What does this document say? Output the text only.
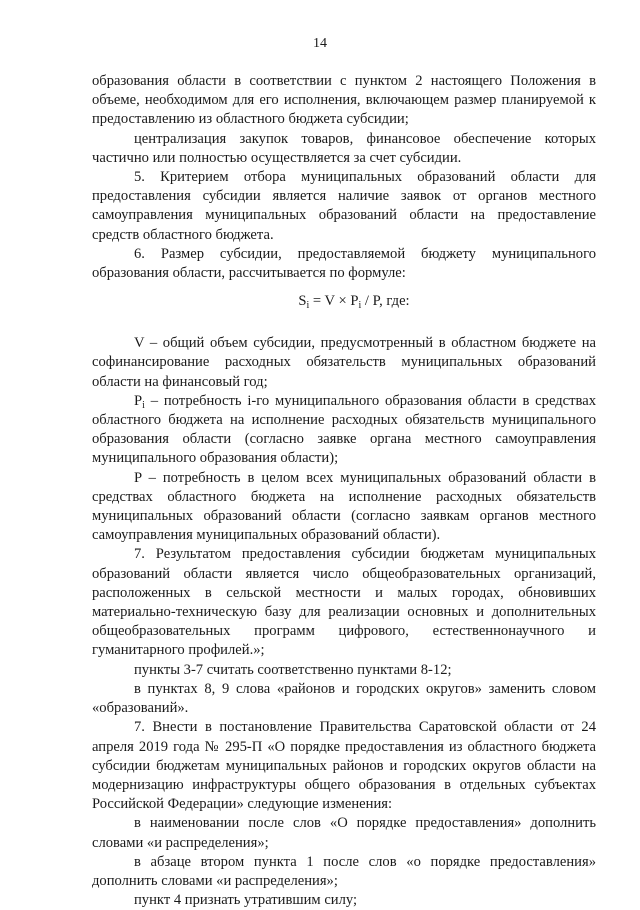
14

образования области в соответствии с пунктом 2 настоящего Положения в объеме, необходимом для его исполнения, включающем размер планируемой к предоставлению из областного бюджета субсидии;

централизация закупок товаров, финансовое обеспечение которых частично или полностью осуществляется за счет субсидии.

5. Критерием отбора муниципальных образований области для предоставления субсидии является наличие заявок от органов местного самоуправления муниципальных образований области на предоставление средств областного бюджета.

6. Размер субсидии, предоставляемой бюджету муниципального образования области, рассчитывается по формуле:

$S_i = V \times P_i / P$, где:

V – общий объем субсидии, предусмотренный в областном бюджете на софинансирование расходных обязательств муниципальных образований области на финансовый год;

$P_i$ – потребность i-го муниципального образования области в средствах областного бюджета на исполнение расходных обязательств муниципального образования области (согласно заявке органа местного самоуправления муниципального образования области);

P – потребность в целом всех муниципальных образований области в средствах областного бюджета на исполнение расходных обязательств муниципальных образований области (согласно заявкам органов местного самоуправления муниципальных образований области).

7. Результатом предоставления субсидии бюджетам муниципальных образований области является число общеобразовательных организаций, расположенных в сельской местности и малых городах, обновивших материально-техническую базу для реализации основных и дополнительных общеобразовательных программ цифрового, естественнонаучного и гуманитарного профилей.»;

пункты 3-7 считать соответственно пунктами 8-12;

в пунктах 8, 9 слова «районов и городских округов» заменить словом «образований».

7. Внести в постановление Правительства Саратовской области от 24 апреля 2019 года № 295-П «О порядке предоставления из областного бюджета субсидии бюджетам муниципальных районов и городских округов области на модернизацию инфраструктуры общего образования в отдельных субъектах Российской Федерации» следующие изменения:

в наименовании после слов «О порядке предоставления» дополнить словами «и распределения»;

в абзаце втором пункта 1 после слов «о порядке предоставления» дополнить словами «и распределения»;

пункт 4 признать утратившим силу;
